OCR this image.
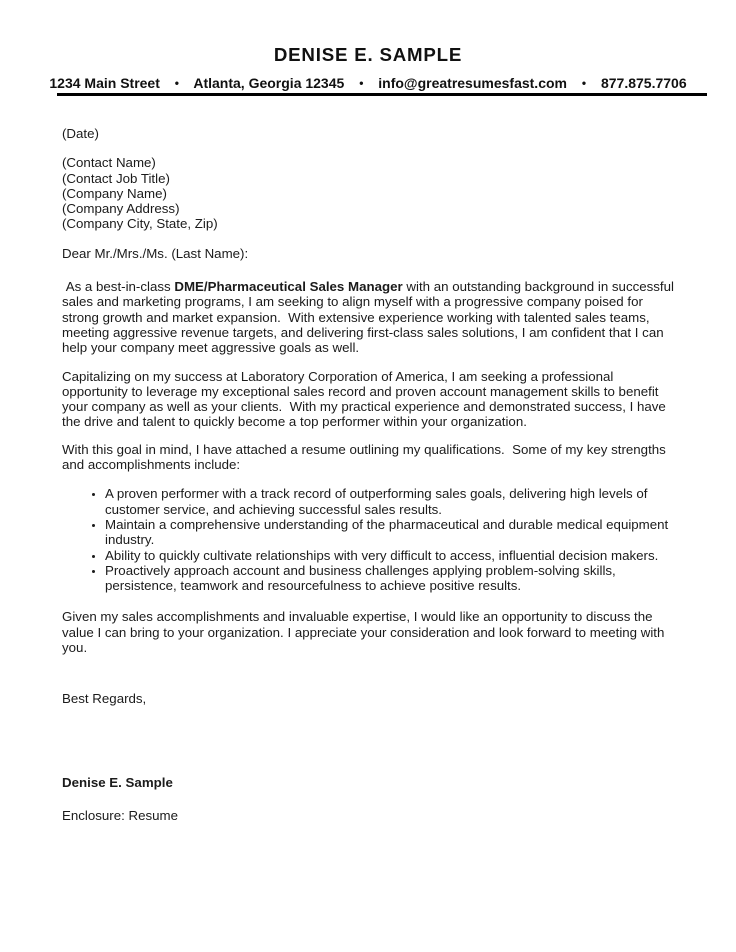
DENISE E. SAMPLE
1234 Main Street • Atlanta, Georgia 12345 • info@greatresumesfast.com • 877.875.7706

(Date)

(Contact Name)

(Contact Job Title)

(Company Name)

(Company Address)

(Company City, State, Zip)

Dear Mr./Mrs./Ms. (Last Name):

As a best-in-class DME/Pharmaceutical Sales Manager with an outstanding background in successful sales and marketing programs, I am seeking to align myself with a progressive company poised for strong growth and market expansion.  With extensive experience working with talented sales teams, meeting aggressive revenue targets, and delivering first-class sales solutions, I am confident that I can help your company meet aggressive goals as well.

Capitalizing on my success at Laboratory Corporation of America, I am seeking a professional opportunity to leverage my exceptional sales record and proven account management skills to benefit your company as well as your clients.  With my practical experience and demonstrated success, I have the drive and talent to quickly become a top performer within your organization.

With this goal in mind, I have attached a resume outlining my qualifications.  Some of my key strengths and accomplishments include:

• A proven performer with a track record of outperforming sales goals, delivering high levels of customer service, and achieving successful sales results.
• Maintain a comprehensive understanding of the pharmaceutical and durable medical equipment industry.
• Ability to quickly cultivate relationships with very difficult to access, influential decision makers.
• Proactively approach account and business challenges applying problem-solving skills, persistence, teamwork and resourcefulness to achieve positive results.

Given my sales accomplishments and invaluable expertise, I would like an opportunity to discuss the value I can bring to your organization. I appreciate your consideration and look forward to meeting with you.

Best Regards,

Denise E. Sample

Enclosure: Resume
